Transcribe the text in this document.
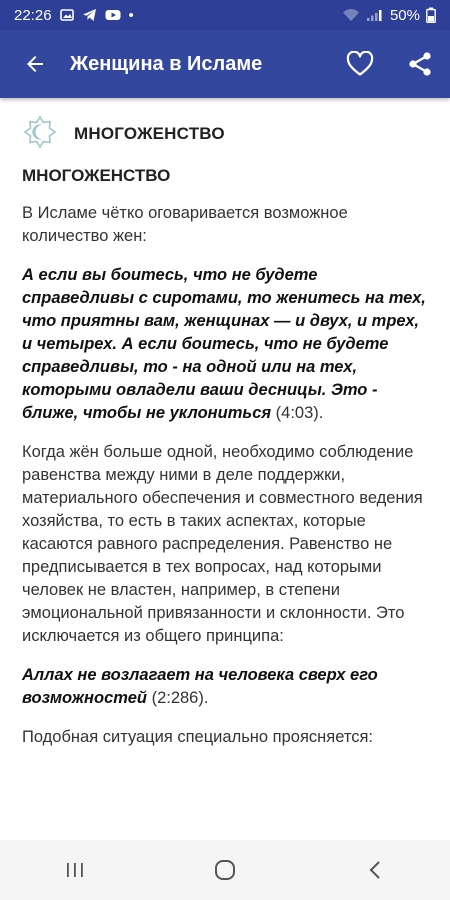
22:26	•	50%
Женщина в Исламе
МНОГОЖЕНСТВО
МНОГОЖЕНСТВО

В Исламе чётко оговаривается возможное количество жен:

А если вы боитесь, что не будете справедливы с сиротами, то женитесь на тех, что приятны вам, женщинах — и двух, и трех, и четырех. А если боитесь, что не будете справедливы, то - на одной или на тех, которыми овладели ваши десницы. Это - ближе, чтобы не уклониться (4:03).

Когда жён больше одной, необходимо соблюдение равенства между ними в деле поддержки, материального обеспечения и совместного ведения хозяйства, то есть в таких аспектах, которые касаются равного распределения. Равенство не предписывается в тех вопросах, над которыми человек не властен, например, в степени эмоциональной привязанности и склонности. Это исключается из общего принципа:

Аллах не возлагает на человека сверх его возможностей (2:286).

Подобная ситуация специально проясняется:
